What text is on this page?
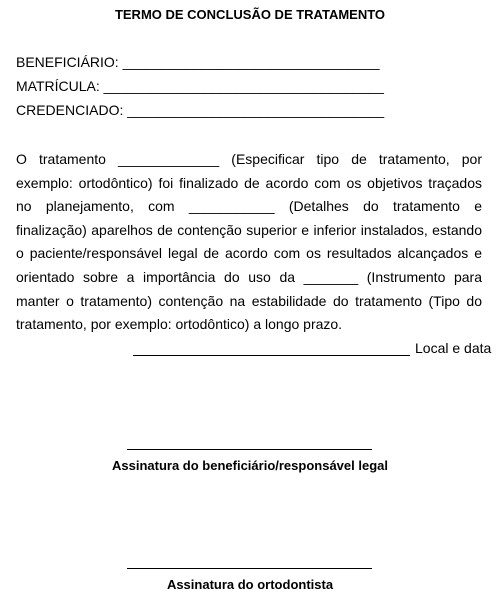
TERMO DE CONCLUSÃO DE TRATAMENTO
BENEFICIÁRIO: _________________________________
MATRÍCULA: ____________________________________
CREDENCIADO: _________________________________
O tratamento _____________ (Especificar tipo de tratamento, por exemplo: ortodôntico) foi finalizado de acordo com os objetivos traçados no planejamento, com ___________ (Detalhes do tratamento e finalização) aparelhos de contenção superior e inferior instalados, estando o paciente/responsável legal de acordo com os resultados alcançados e orientado sobre a importância do uso da _______ (Instrumento para manter o tratamento) contenção na estabilidade do tratamento (Tipo do tratamento, por exemplo: ortodôntico) a longo prazo.
Local e data
Assinatura do beneficiário/responsável legal
Assinatura do ortodontista
